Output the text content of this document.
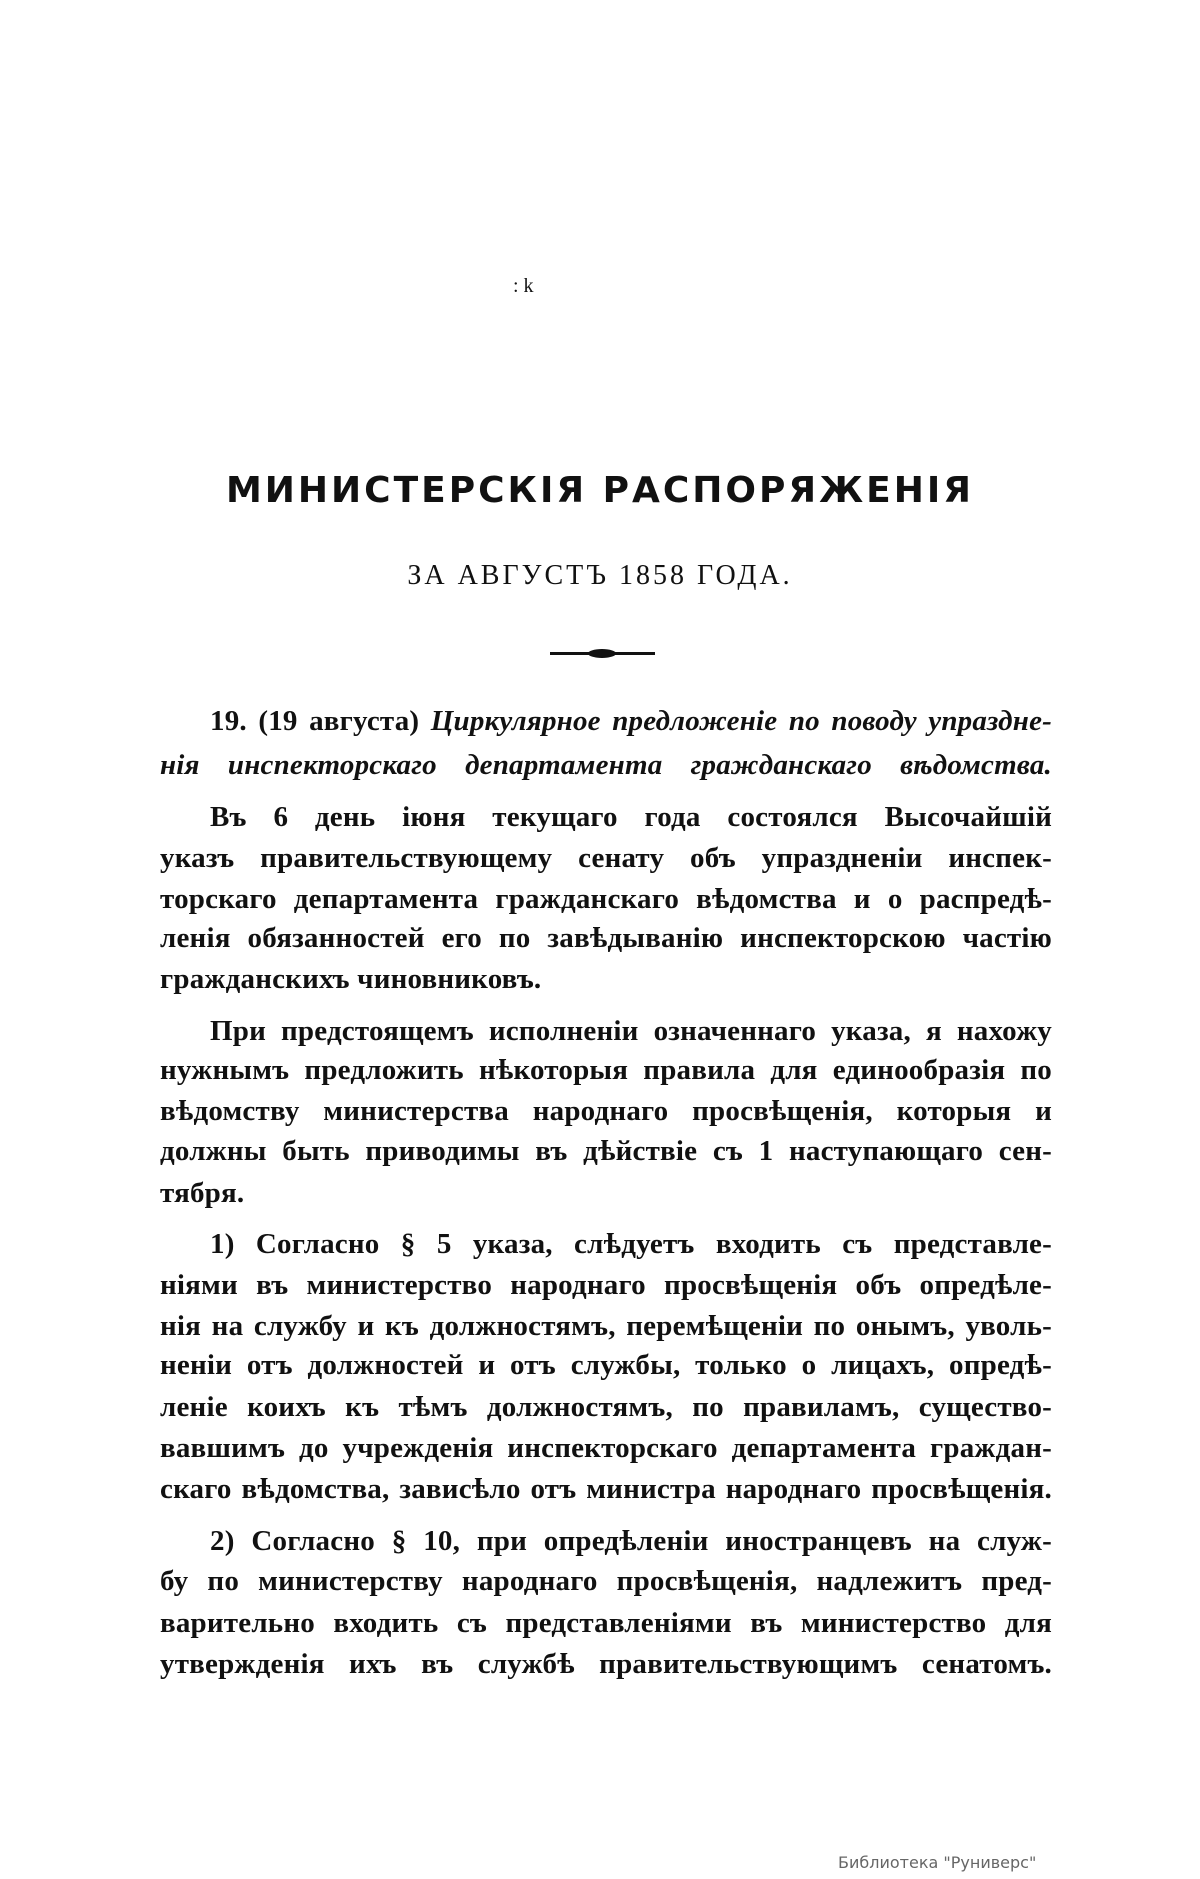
: k
МИНИСТЕРСКІЯ РАСПОРЯЖЕНІЯ
ЗА АВГУСТЪ 1858 ГОДА.
19. (19 августа) Циркулярное предложеніе по поводу упраздне-
нія инспекторскаго департамента гражданскаго вѣдомства.
Въ 6 день іюня текущаго года состоялся Высочайшій
указъ правительствующему сенату объ упраздненіи инспек-
торскаго департамента гражданскаго вѣдомства и о распредѣ-
ленія обязанностей его по завѣдыванію инспекторскою частію
гражданскихъ чиновниковъ.
При предстоящемъ исполненіи означеннаго указа, я нахожу
нужнымъ предложить нѣкоторыя правила для единообразія по
вѣдомству министерства народнаго просвѣщенія, которыя и
должны быть приводимы въ дѣйствіе съ 1 наступающаго сен-
тября.
1) Согласно § 5 указа, слѣдуетъ входить съ представле-
ніями въ министерство народнаго просвѣщенія объ опредѣле-
нія на службу и къ должностямъ, перемѣщеніи по онымъ, уволь-
неніи отъ должностей и отъ службы, только о лицахъ, опредѣ-
леніе коихъ къ тѣмъ должностямъ, по правиламъ, существо-
вавшимъ до учрежденія инспекторскаго департамента граждан-
скаго вѣдомства, зависѣло отъ министра народнаго просвѣщенія.
2) Согласно § 10, при опредѣленіи иностранцевъ на служ-
бу по министерству народнаго просвѣщенія, надлежитъ пред-
варительно входить съ представленіями въ министерство для
утвержденія ихъ въ службѣ правительствующимъ сенатомъ.
Библиотека "Руниверс"
